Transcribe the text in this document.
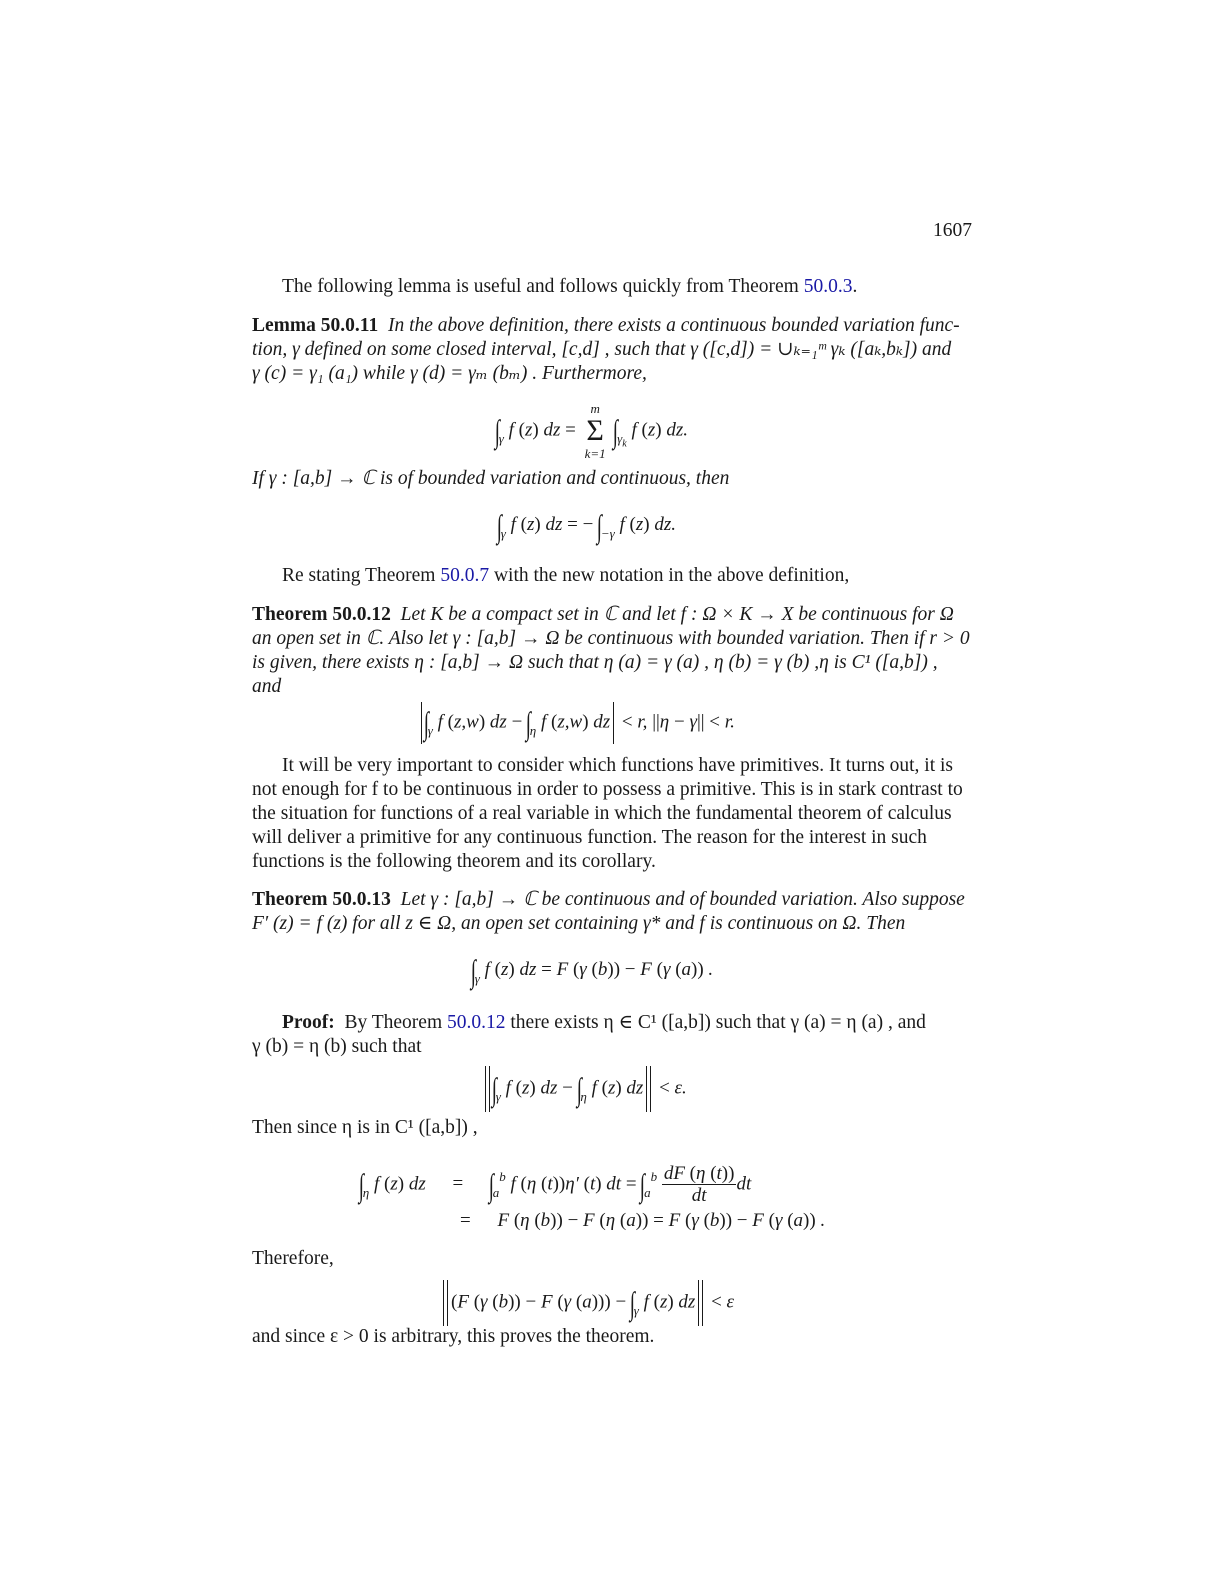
1607
The following lemma is useful and follows quickly from Theorem 50.0.3.
Lemma 50.0.11 In the above definition, there exists a continuous bounded variation func-
tion, γ defined on some closed interval, [c,d] , such that γ ([c,d]) = ∪ₖ₌₁ᵐ γₖ ([aₖ,bₖ]) and
γ (c) = γ₁ (a₁) while γ (d) = γₘ (bₘ) . Furthermore,
$\int_\gamma$ f (z) dz = m
Σ
k=1 $\int_{\gamma_k}$ f (z) dz.
If γ : [a,b] → ℂ is of bounded variation and continuous, then
$\int_\gamma$ f (z) dz = − $\int_{-\gamma}$ f (z) dz.
Re stating Theorem 50.0.7 with the new notation in the above definition,
Theorem 50.0.12 Let K be a compact set in ℂ and let f : Ω × K → X be continuous for Ω
an open set in ℂ. Also let γ : [a,b] → Ω be continuous with bounded variation. Then if r > 0
is given, there exists η : [a,b] → Ω such that η (a) = γ (a) , η (b) = γ (b) ,η is C¹ ([a,b]) ,
and
$\int_\gamma$ f (z,w) dz − $\int_\eta$ f (z,w) dz < r, ||η − γ|| < r.
It will be very important to consider which functions have primitives. It turns out, it is
not enough for f to be continuous in order to possess a primitive. This is in stark contrast to
the situation for functions of a real variable in which the fundamental theorem of calculus
will deliver a primitive for any continuous function. The reason for the interest in such
functions is the following theorem and its corollary.
Theorem 50.0.13 Let γ : [a,b] → ℂ be continuous and of bounded variation. Also suppose
F′ (z) = f (z) for all z ∈ Ω, an open set containing γ* and f is continuous on Ω. Then
$\int_\gamma$ f (z) dz = F (γ (b)) − F (γ (a)) .
Proof: By Theorem 50.0.12 there exists η ∈ C¹ ([a,b]) such that γ (a) = η (a) , and
γ (b) = η (b) such that
$\int_\gamma$ f (z) dz − $\int_\eta$ f (z) dz < ε.
Then since η is in C¹ ([a,b]) ,
$\int_\eta$ f (z) dz = $\int_a^b$ f (η (t))η′ (t) dt = $\int_a^b$ dF (η (t))
dtdt
= F (η (b)) − F (η (a)) = F (γ (b)) − F (γ (a)) .
Therefore,
(F (γ (b)) − F (γ $(a))) - \int_\gamma$ f (z) dz < ε
and since ε > 0 is arbitrary, this proves the theorem.
